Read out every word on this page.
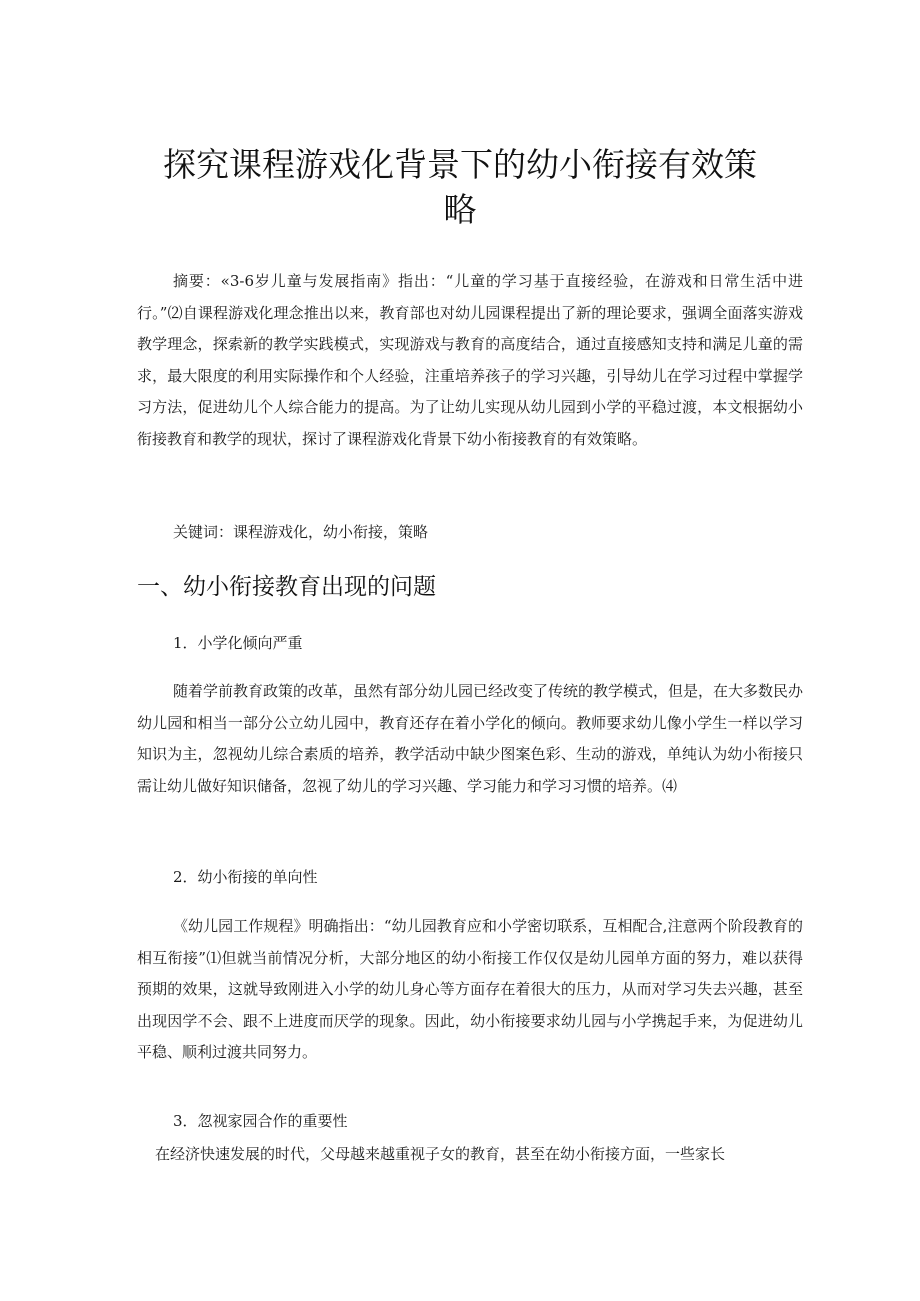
探究课程游戏化背景下的幼小衔接有效策
略

摘要：«3-6岁儿童与发展指南》指出：“儿童的学习基于直接经验，在游戏和日常生活中进行。”⑵自课程游戏化理念推出以来，教育部也对幼儿园课程提出了新的理论要求，强调全面落实游戏教学理念，探索新的教学实践模式，实现游戏与教育的高度结合，通过直接感知支持和满足儿童的需求，最大限度的利用实际操作和个人经验，注重培养孩子的学习兴趣，引导幼儿在学习过程中掌握学习方法，促进幼儿个人综合能力的提高。为了让幼儿实现从幼儿园到小学的平稳过渡，本文根据幼小衔接教育和教学的现状，探讨了课程游戏化背景下幼小衔接教育的有效策略。

关键词：课程游戏化，幼小衔接，策略

一、幼小衔接教育出现的问题
1．小学化倾向严重

随着学前教育政策的改革，虽然有部分幼儿园已经改变了传统的教学模式，但是，在大多数民办幼儿园和相当一部分公立幼儿园中，教育还存在着小学化的倾向。教师要求幼儿像小学生一样以学习知识为主，忽视幼儿综合素质的培养，教学活动中缺少图案色彩、生动的游戏，单纯认为幼小衔接只需让幼儿做好知识储备，忽视了幼儿的学习兴趣、学习能力和学习习惯的培养。⑷

2．幼小衔接的单向性

《幼儿园工作规程》明确指出：“幼儿园教育应和小学密切联系，互相配合,注意两个阶段教育的相互衔接”⑴但就当前情况分析，大部分地区的幼小衔接工作仅仅是幼儿园单方面的努力，难以获得预期的效果，这就导致刚进入小学的幼儿身心等方面存在着很大的压力，从而对学习失去兴趣，甚至出现因学不会、跟不上进度而厌学的现象。因此，幼小衔接要求幼儿园与小学携起手来，为促进幼儿平稳、顺利过渡共同努力。

3．忽视家园合作的重要性

在经济快速发展的时代，父母越来越重视子女的教育，甚至在幼小衔接方面，一些家长
